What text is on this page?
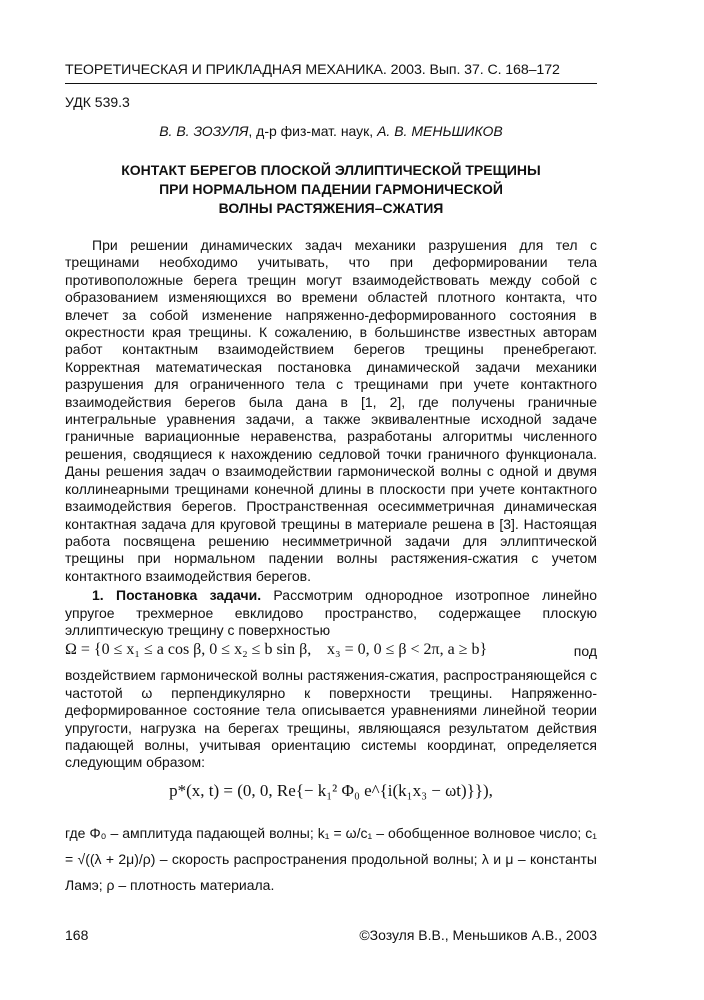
ТЕОРЕТИЧЕСКАЯ И ПРИКЛАДНАЯ МЕХАНИКА. 2003. Вып. 37. С. 168–172
УДК 539.3
В. В. ЗОЗУЛЯ, д-р физ-мат. наук, А. В. МЕНЬШИКОВ
КОНТАКТ БЕРЕГОВ ПЛОСКОЙ ЭЛЛИПТИЧЕСКОЙ ТРЕЩИНЫ
ПРИ НОРМАЛЬНОМ ПАДЕНИИ ГАРМОНИЧЕСКОЙ
ВОЛНЫ РАСТЯЖЕНИЯ–СЖАТИЯ

При решении динамических задач механики разрушения для тел с трещинами необходимо учитывать, что при деформировании тела противоположные берега трещин могут взаимодействовать между собой с образованием изменяющихся во времени областей плотного контакта, что влечет за собой изменение напряженно-деформированного состояния в окрестности края трещины. К сожалению, в большинстве известных авторам работ контактным взаимодействием берегов трещины пренебрегают. Корректная математическая постановка динамической задачи механики разрушения для ограниченного тела с трещинами при учете контактного взаимодействия берегов была дана в [1, 2], где получены граничные интегральные уравнения задачи, а также эквивалентные исходной задаче граничные вариационные неравенства, разработаны алгоритмы численного решения, сводящиеся к нахождению седловой точки граничного функционала. Даны решения задач о взаимодействии гармонической волны с одной и двумя коллинеарными трещинами конечной длины в плоскости при учете контактного взаимодействия берегов. Пространственная осесимметричная динамическая контактная задача для круговой трещины в материале решена в [3]. Настоящая работа посвящена решению несимметричной задачи для эллиптической трещины при нормальном падении волны растяжения-сжатия с учетом контактного взаимодействия берегов.

1. Постановка задачи. Рассмотрим однородное изотропное линейно упругое трехмерное евклидово пространство, содержащее плоскую эллиптическую трещину с поверхностью

Ω = {0 ≤ x₁ ≤ a cos β, 0 ≤ x₂ ≤ b sin β, x₃ = 0, 0 ≤ β < 2π, a ≥ b}	под

воздействием гармонической волны растяжения-сжатия, распространяющейся с частотой ω перпендикулярно к поверхности трещины. Напряженно-деформированное состояние тела описывается уравнениями линейной теории упругости, нагрузка на берегах трещины, являющаяся результатом действия падающей волны, учитывая ориентацию системы координат, определяется следующим образом:

p*(x, t) = (0, 0, Re{− k₁² Φ₀ e^{i(k₁x₃ − ωt)}}),

где Φ₀ – амплитуда падающей волны; k₁ = ω/c₁ – обобщенное волновое число; c₁ = √((λ + 2μ)/ρ) – скорость распространения продольной волны; λ и μ – константы Ламэ; ρ – плотность материала.

168	©Зозуля В.В., Меньшиков А.В., 2003
